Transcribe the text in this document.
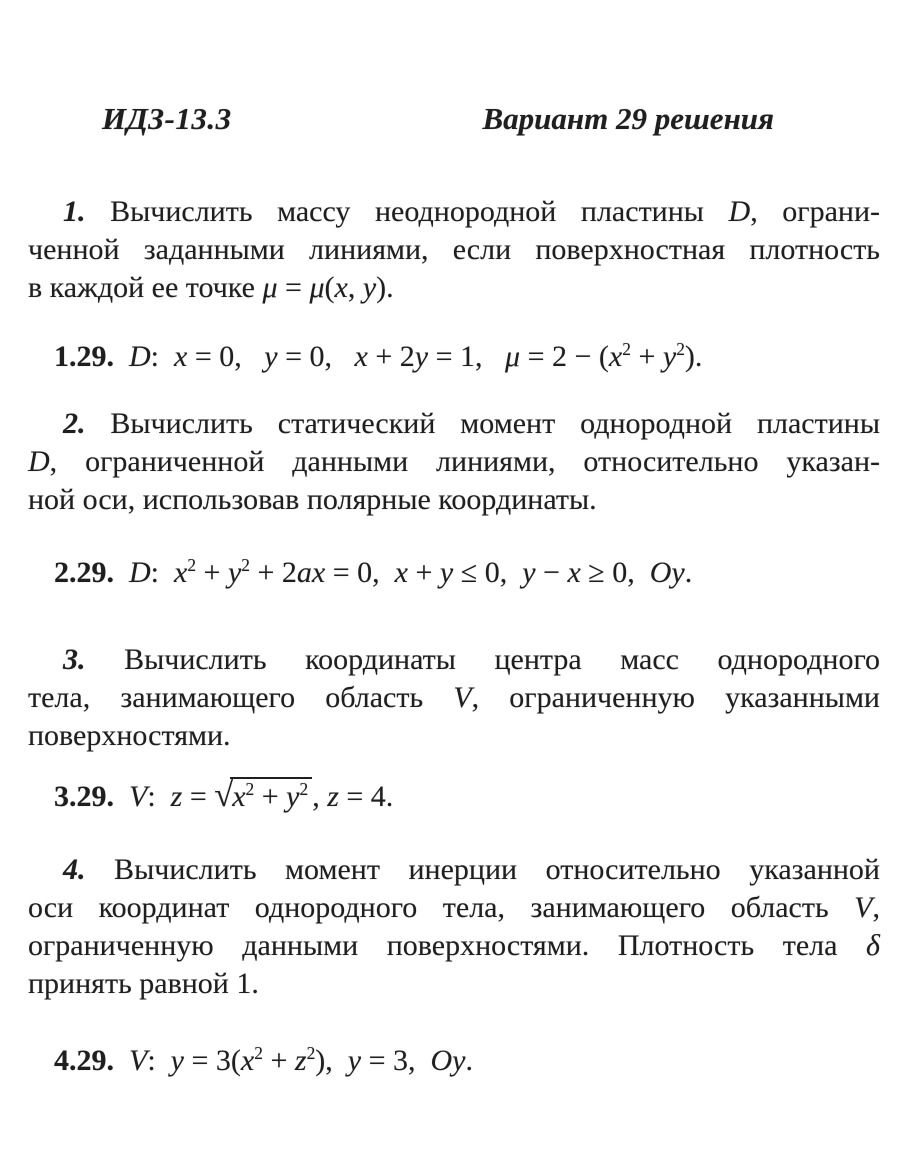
ИДЗ-13.3	Вариант 29 решения
1. Вычислить массу неоднородной пластины D, ограни-
ченной заданными линиями, если поверхностная плотность
в каждой ее точке μ = μ(x, y).
1.29. D:  x = 0,   y = 0,   x + 2y = 1,   $\mu = 2 - (x^2 + y^2)$.
2. Вычислить статический момент однородной пластины
D, ограниченной данными линиями, относительно указан-
ной оси, использовав полярные координаты.
2.29. D:  $x^2 + y^2 + 2ax = 0$,  x + y ≤ 0,  y − x ≥ 0,  Oy.
3. Вычислить координаты центра масс однородного
тела, занимающего область V, ограниченную указанными
поверхностями.
3.29. V:  $z = √x^2 + y^2$ , z = 4.
4. Вычислить момент инерции относительно указанной
оси координат однородного тела, занимающего область V,
ограниченную данными поверхностями. Плотность тела δ
принять равной 1.
4.29. V:  $y = 3(x^2 + z^2)$,  y = 3,  Oy.
